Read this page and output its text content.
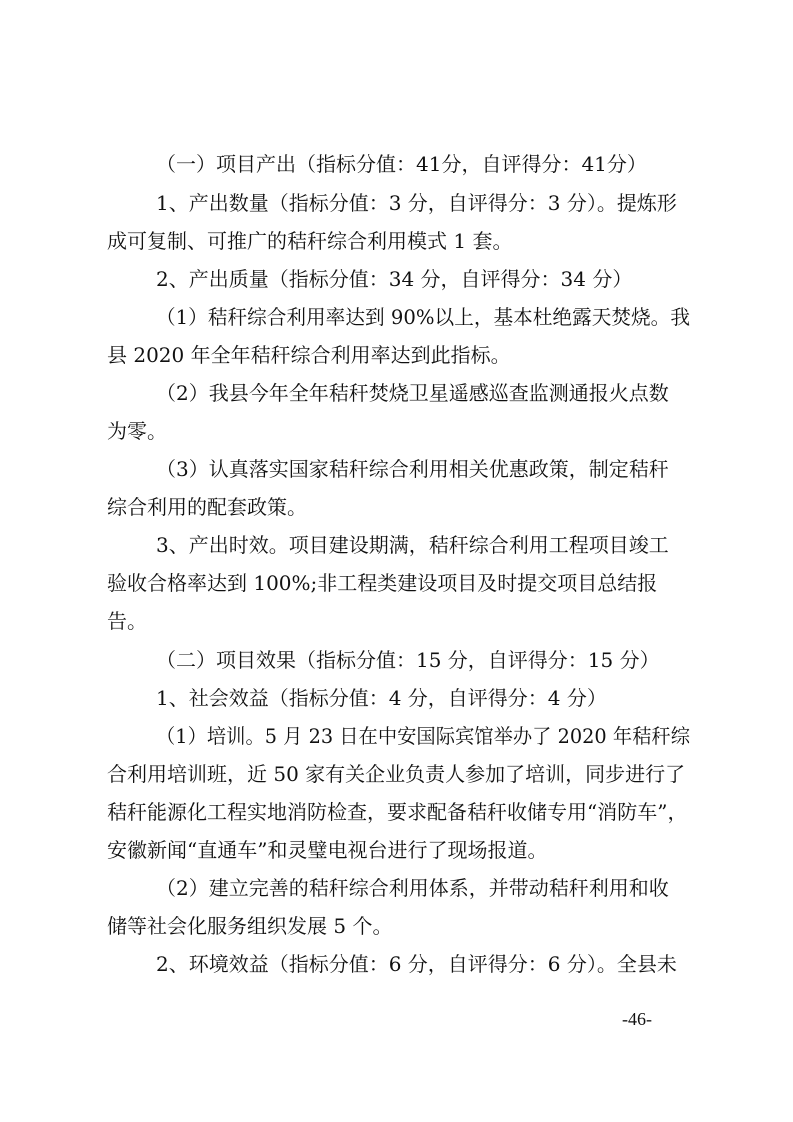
（一）项目产出（指标分值：41分，自评得分：41分）
1、产出数量（指标分值：3 分，自评得分：3 分）。提炼形
成可复制、可推广的秸秆综合利用模式 1 套。
2、产出质量（指标分值：34 分，自评得分：34 分）
（1）秸秆综合利用率达到 90%以上，基本杜绝露天焚烧。我
县 2020 年全年秸秆综合利用率达到此指标。
（2）我县今年全年秸秆焚烧卫星遥感巡查监测通报火点数
为零。
（3）认真落实国家秸秆综合利用相关优惠政策，制定秸秆
综合利用的配套政策。
3、产出时效。项目建设期满，秸秆综合利用工程项目竣工
验收合格率达到 100%;非工程类建设项目及时提交项目总结报
告。
（二）项目效果（指标分值：15 分，自评得分：15 分）
1、社会效益（指标分值：4 分，自评得分：4 分）
（1）培训。5 月 23 日在中安国际宾馆举办了 2020 年秸秆综
合利用培训班，近 50 家有关企业负责人参加了培训，同步进行了
秸秆能源化工程实地消防检查，要求配备秸秆收储专用“消防车”，
安徽新闻“直通车”和灵璧电视台进行了现场报道。
（2）建立完善的秸秆综合利用体系，并带动秸秆利用和收
储等社会化服务组织发展 5 个。
2、环境效益（指标分值：6 分，自评得分：6 分）。全县未
-46-
